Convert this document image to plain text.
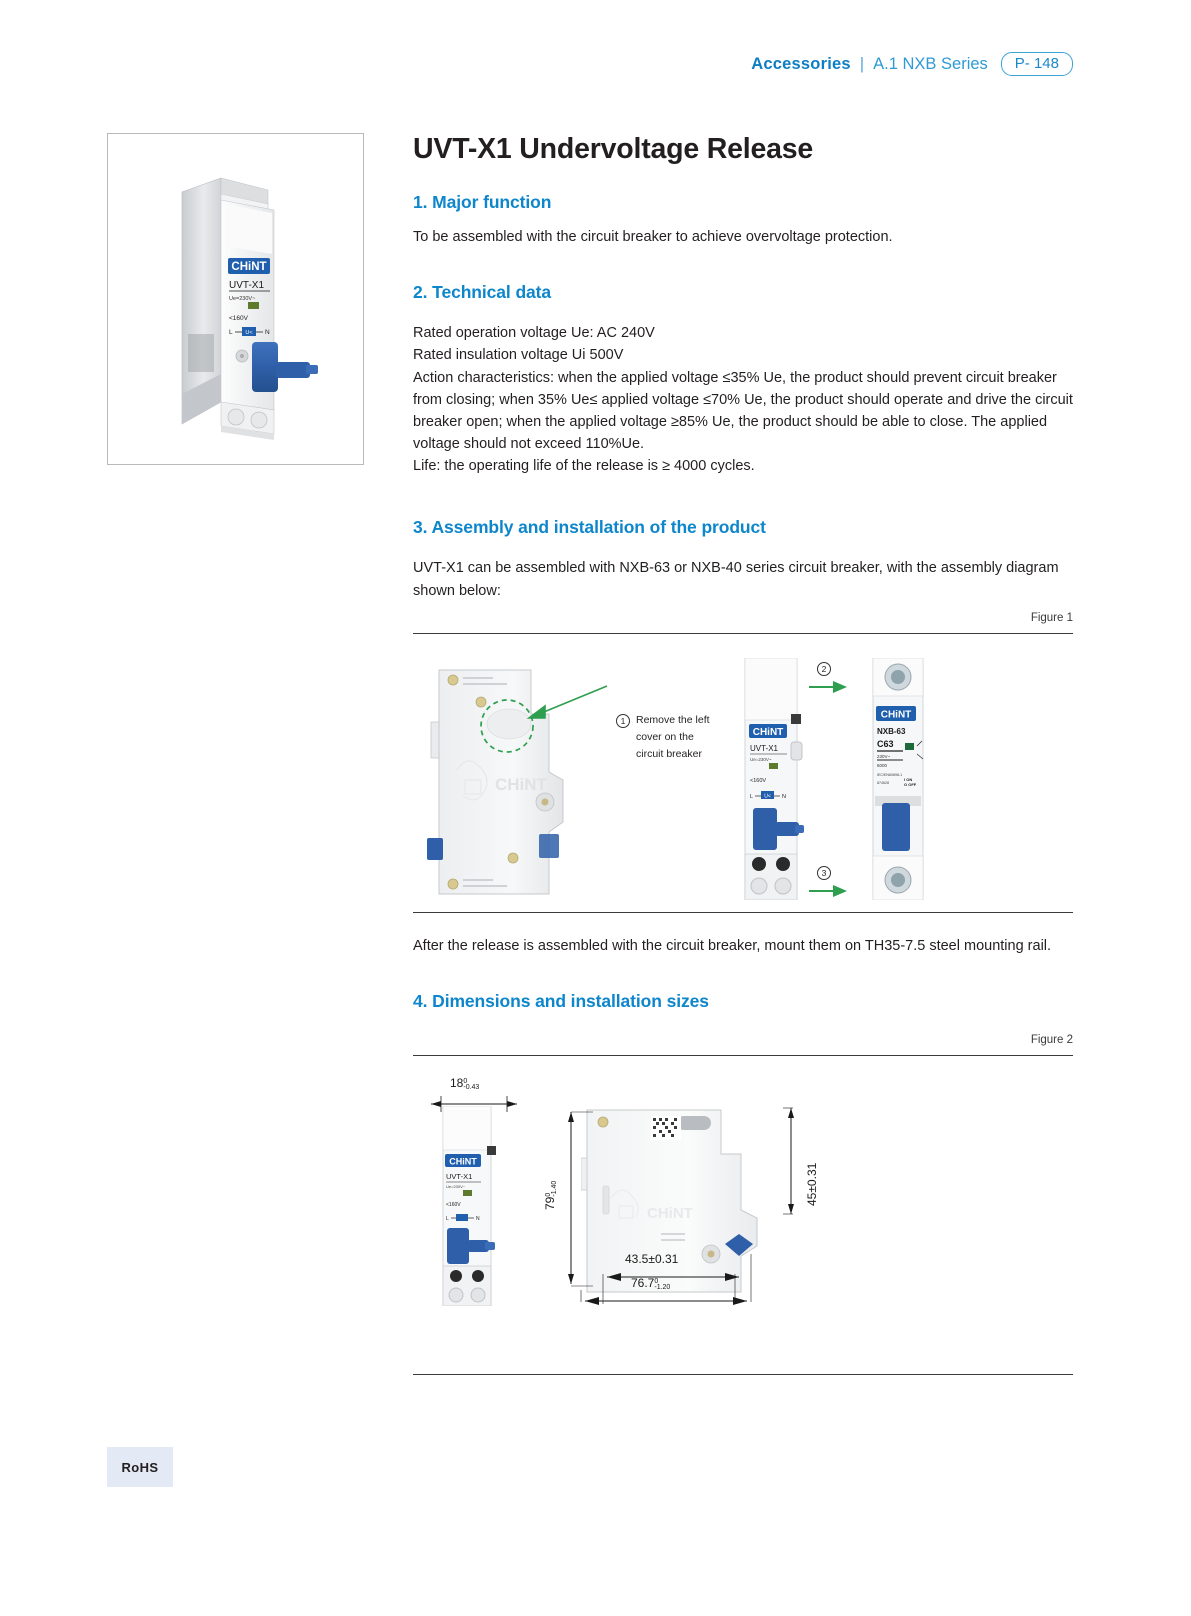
Accessories | A.1 NXB Series	P- 148
CHiNT
UVT-X1
Ue=230V~
<160V
L U< N
UVT-X1 Undervoltage Release
1. Major function

To be assembled with the circuit breaker to achieve overvoltage protection.

2. Technical data

Rated operation voltage Ue: AC 240V

Rated insulation voltage Ui 500V

Action characteristics: when the applied voltage ≤35% Ue, the product should prevent circuit breaker from closing; when 35% Ue≤ applied voltage ≤70% Ue, the product should operate and drive the circuit breaker open; when the applied voltage ≥85% Ue, the product should be able to close. The applied voltage should not exceed 110%Ue.

Life: the operating life of the release is ≥ 4000 cycles.

3. Assembly and installation of the product

UVT-X1 can be assembled with NXB-63 or NXB-40 series circuit breaker, with the assembly diagram shown below:

Figure 1

CHiNT
1	Remove the left cover on the circuit breaker
2
3
CHiNT
UVT-X1
Ue=230V~
<160V
L U< N
CHiNT
NXB-63
C63
230V~
6000
IEC/EN60898-1
874628
I ON
O OFF

After the release is assembled with the circuit breaker, mount them on TH35-7.5 steel mounting rail.

4. Dimensions and installation sizes

Figure 2

18 0
-0.43
CHiNT
UVT-X1
Ue=230V~
<160V
L	N
79
0 -1.40
CHiNT
45±0.31
43.5±0.31
76.7 0
-1.20
RoHS
